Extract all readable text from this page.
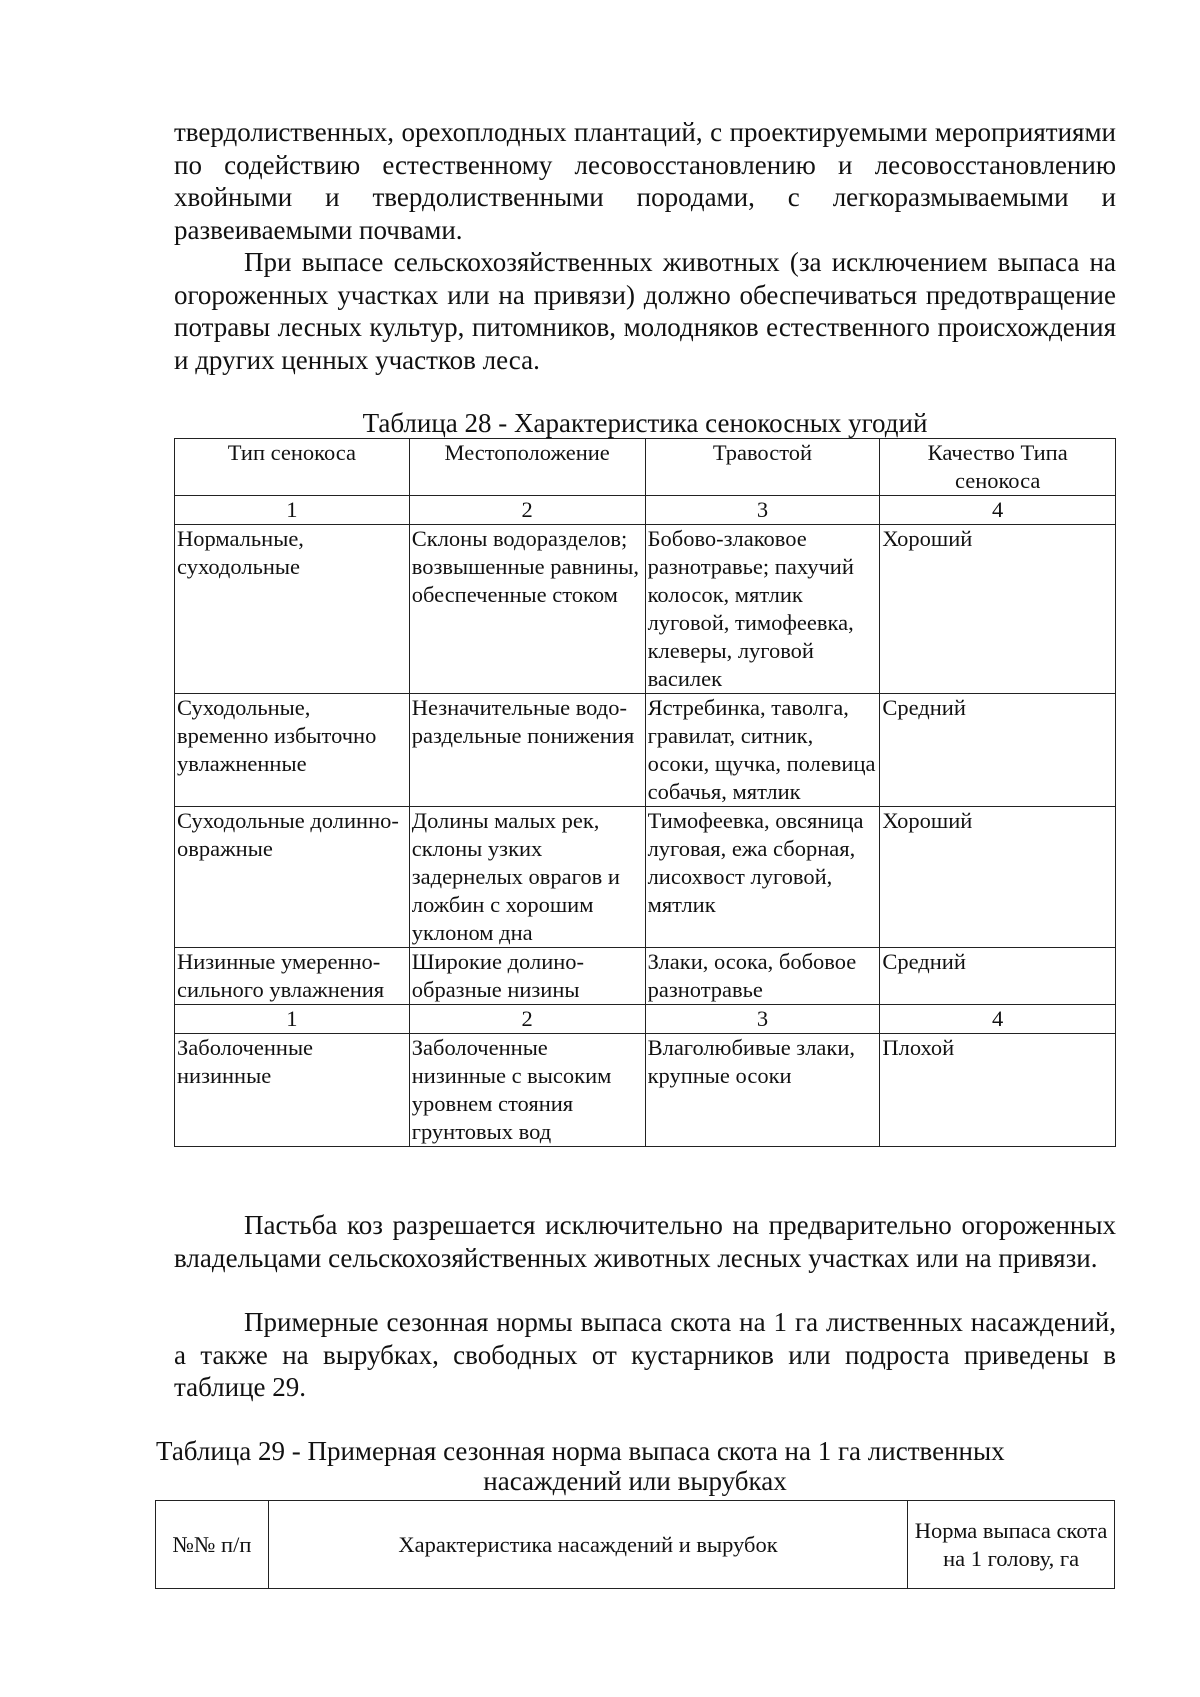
твердолиственных, орехоплодных плантаций, с проектируемыми мероприятиями по содействию естественному лесовосстановлению и лесовосстановлению хвойными и твердолиственными породами, с легкоразмываемыми и развеиваемыми почвами.

При выпасе сельскохозяйственных животных (за исключением выпаса на огороженных участках или на привязи) должно обеспечиваться предотвращение потравы лесных культур, питомников, молодняков естественного происхождения и других ценных участков леса.

Таблица 28 - Характеристика сенокосных угодий

Тип сенокоса	Местоположение	Травостой	Качество Типа сенокоса
1	2	3	4
Нормальные, суходольные	Склоны водоразделов; возвышенные равнины, обеспеченные стоком	Бобово-злаковое разнотравье; пахучий колосок, мятлик луговой, тимофеевка, клеверы, луговой василек	Хороший
Суходольные, временно избыточно увлажненные	Незначительные водо- раздельные понижения	Ястребинка, таволга, гравилат, ситник, осоки, щучка, полевица собачья, мятлик	Средний
Суходольные долинно-овражные	Долины малых рек, склоны узких задернелых оврагов и ложбин с хорошим уклоном дна	Тимофеевка, овсяница луговая, ежа сборная, лисохвост луговой, мятлик	Хороший
Низинные умеренно-сильного увлажнения	Широкие долино-образные низины	Злаки, осока, бобовое разнотравье	Средний
1	2	3	4
Заболоченные низинные	Заболоченные низинные с высоким уровнем стояния грунтовых вод	Влаголюбивые злаки, крупные осоки	Плохой

Пастьба коз разрешается исключительно на предварительно огороженных владельцами сельскохозяйственных животных лесных участках или на привязи.

Примерные сезонная нормы выпаса скота на 1 га лиственных насаждений, а также на вырубках, свободных от кустарников или подроста приведены в таблице 29.

Таблица 29 - Примерная сезонная норма выпаса скота на 1 га лиственных
насаждений или вырубках

№№ п/п	Характеристика насаждений и вырубок	Норма выпаса скота на 1 голову, га
